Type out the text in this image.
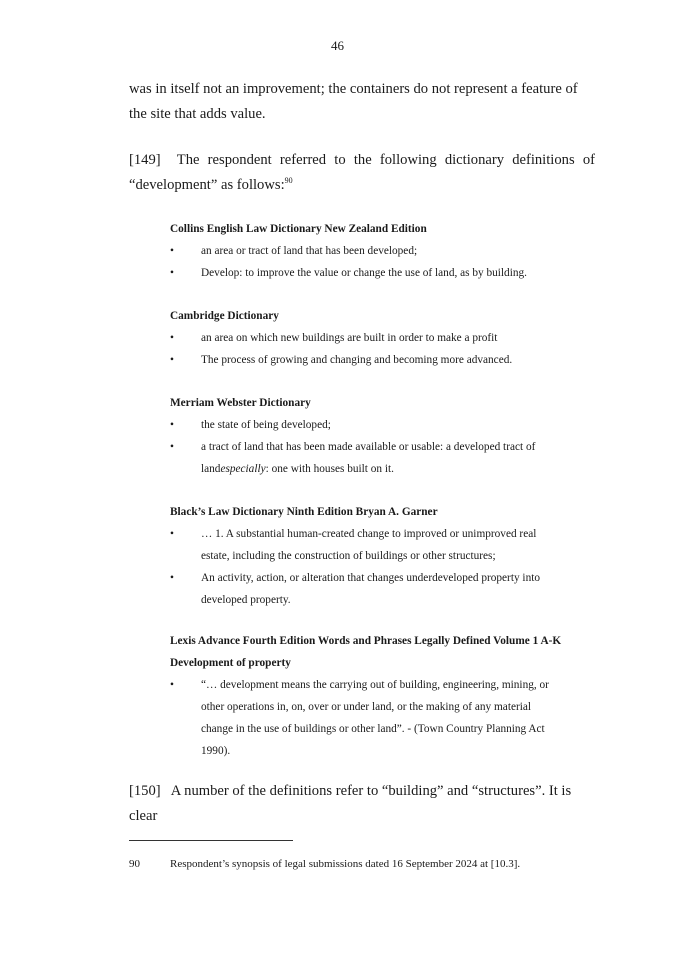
46
was in itself not an improvement; the containers do not represent a feature of the site that adds value.
[149] The respondent referred to the following dictionary definitions of “development” as follows:$^{90}$
Collins English Law Dictionary New Zealand Edition
• an area or tract of land that has been developed;
• Develop: to improve the value or change the use of land, as by building.
Cambridge Dictionary
• an area on which new buildings are built in order to make a profit
• The process of growing and changing and becoming more advanced.
Merriam Webster Dictionary
• the state of being developed;
• a tract of land that has been made available or usable: a developed tract of landespecially: one with houses built on it.
Black’s Law Dictionary Ninth Edition Bryan A. Garner
• … 1. A substantial human-created change to improved or unimproved real estate, including the construction of buildings or other structures;
• An activity, action, or alteration that changes underdeveloped property into developed property.
Lexis Advance Fourth Edition Words and Phrases Legally Defined Volume 1 A-K Development of property
• “… development means the carrying out of building, engineering, mining, or other operations in, on, over or under land, or the making of any material change in the use of buildings or other land”. - (Town Country Planning Act 1990).
[150] A number of the definitions refer to “building” and “structures”. It is clear
90	Respondent’s synopsis of legal submissions dated 16 September 2024 at [10.3].
